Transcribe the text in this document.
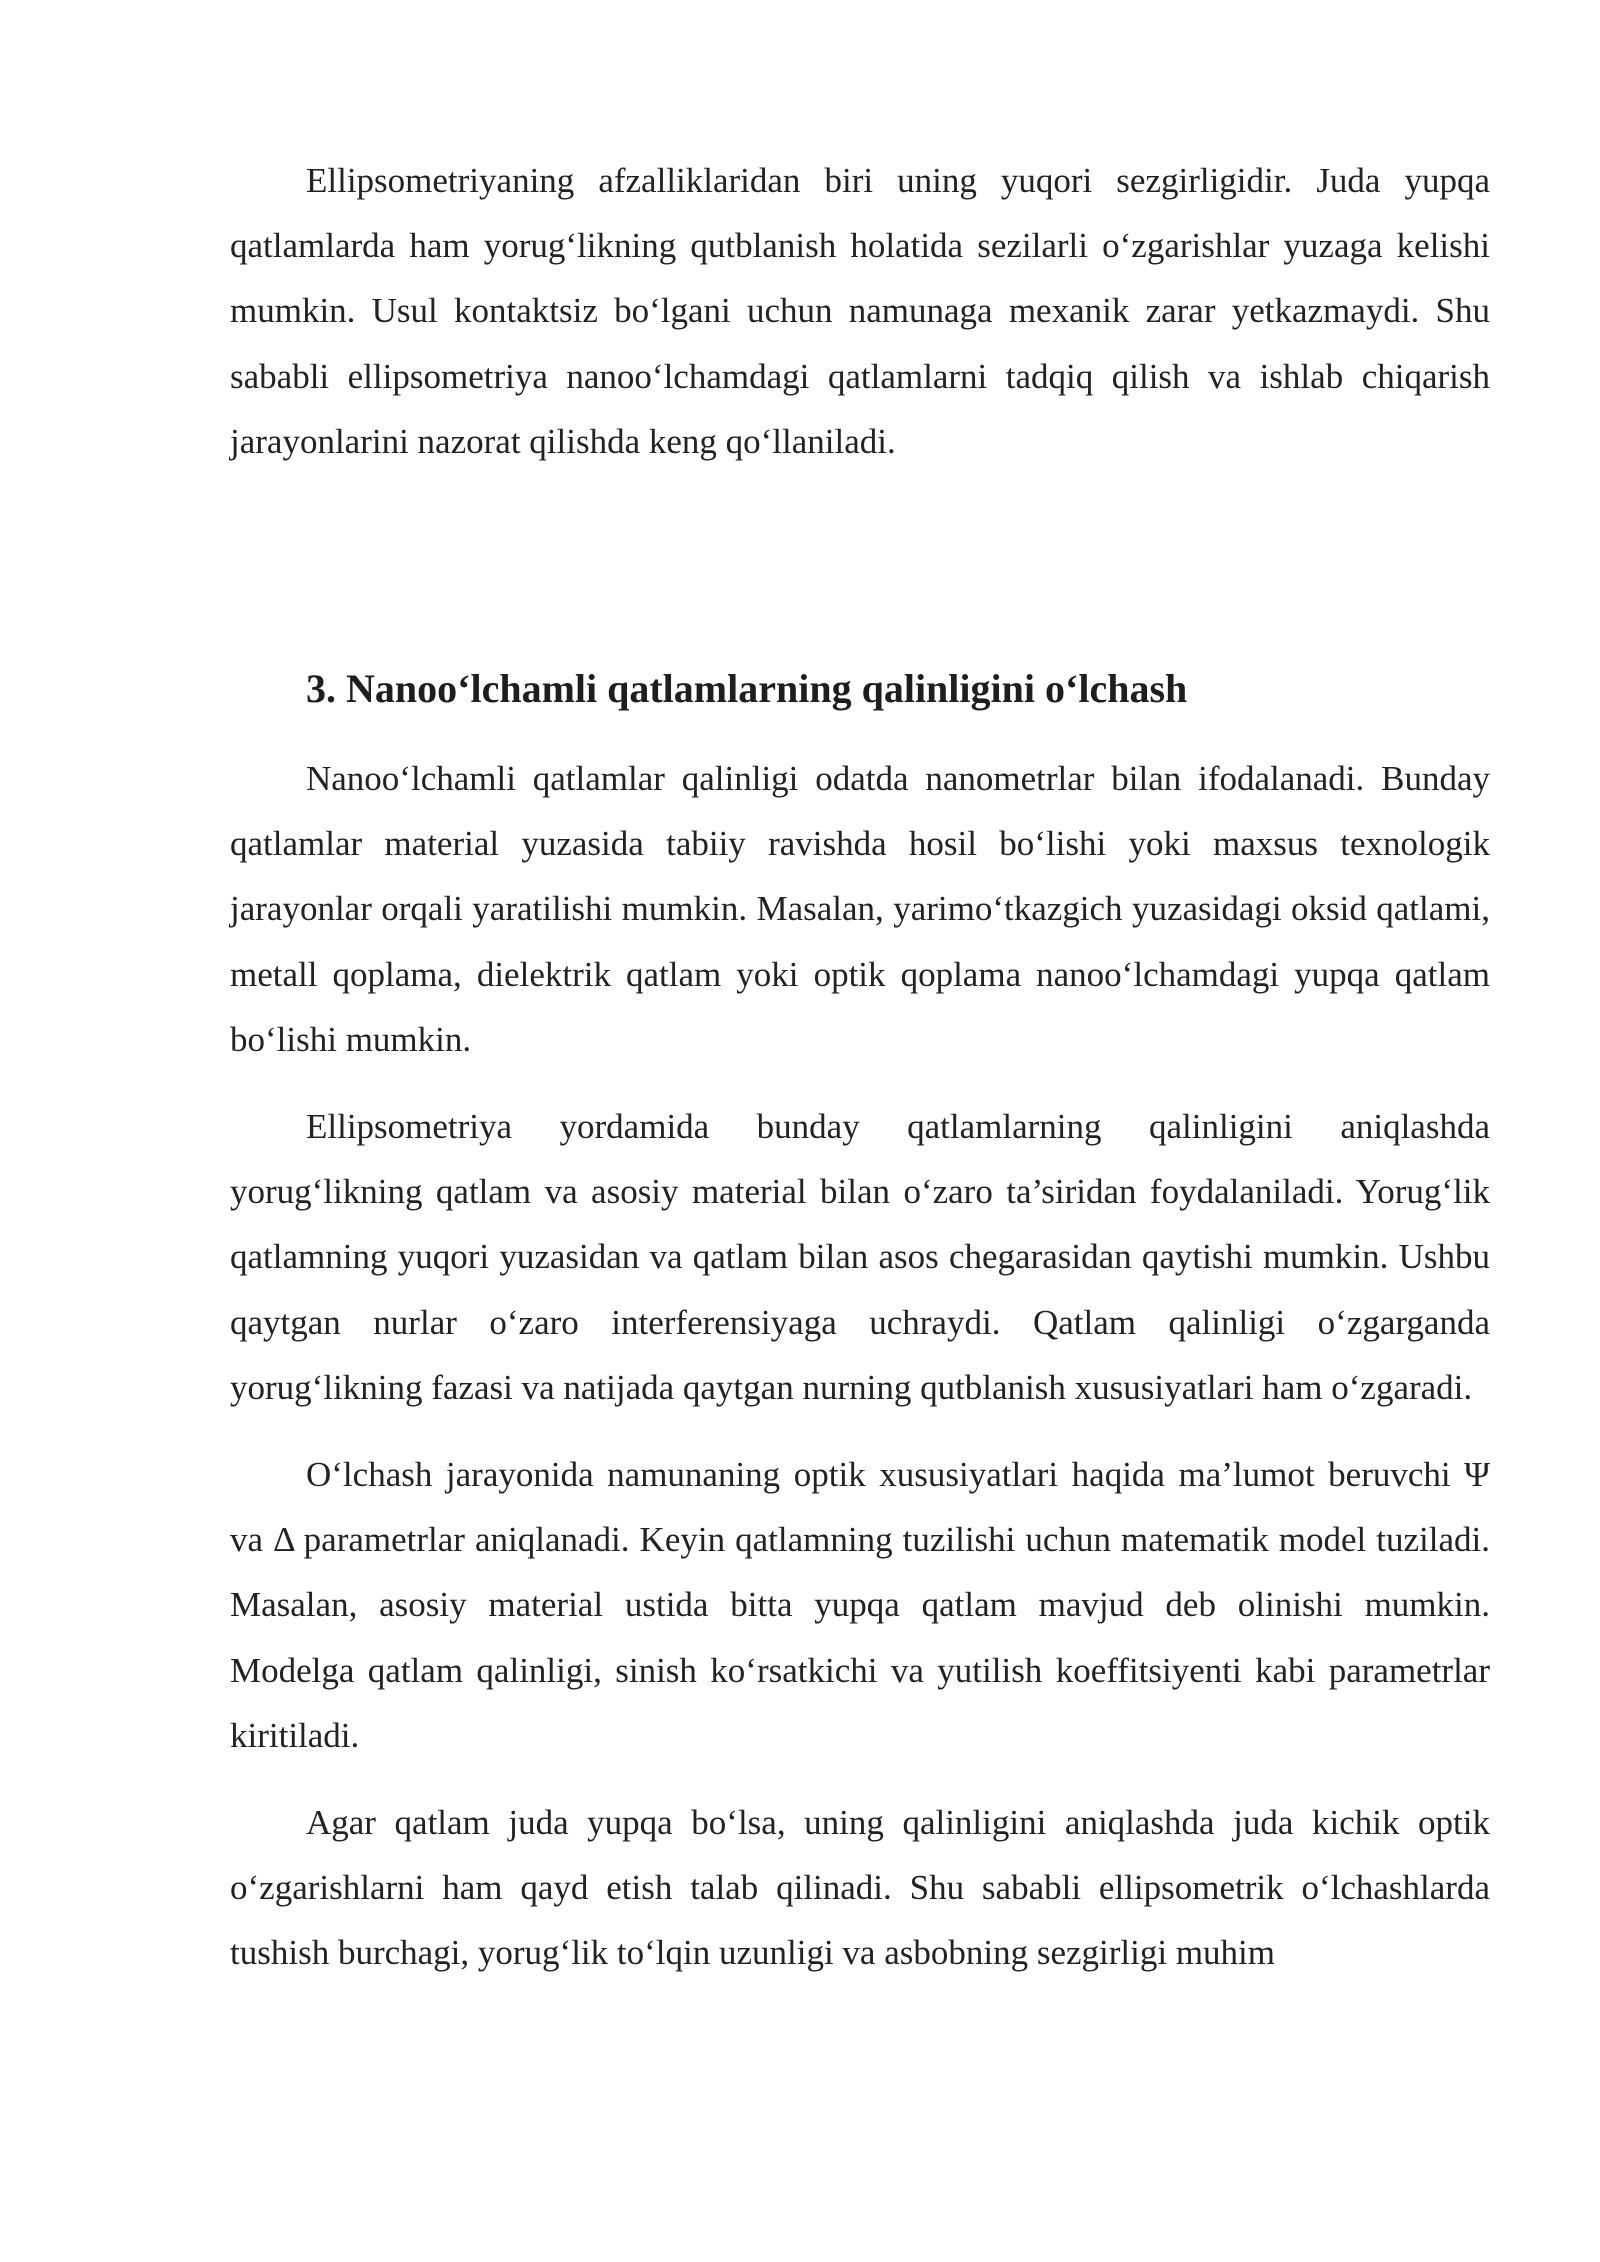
Ellipsometriyaning afzalliklaridan biri uning yuqori sezgirligidir. Juda yupqa qatlamlarda ham yorug‘likning qutblanish holatida sezilarli o‘zgarishlar yuzaga kelishi mumkin. Usul kontaktsiz bo‘lgani uchun namunaga mexanik zarar yetkazmaydi. Shu sababli ellipsometriya nanoo‘lchamdagi qatlamlarni tadqiq qilish va ishlab chiqarish jarayonlarini nazorat qilishda keng qo‘llaniladi.

3. Nanoo‘lchamli qatlamlarning qalinligini o‘lchash

Nanoo‘lchamli qatlamlar qalinligi odatda nanometrlar bilan ifodalanadi. Bunday qatlamlar material yuzasida tabiiy ravishda hosil bo‘lishi yoki maxsus texnologik jarayonlar orqali yaratilishi mumkin. Masalan, yarimo‘tkazgich yuzasidagi oksid qatlami, metall qoplama, dielektrik qatlam yoki optik qoplama nanoo‘lchamdagi yupqa qatlam bo‘lishi mumkin.

Ellipsometriya yordamida bunday qatlamlarning qalinligini aniqlashda yorug‘likning qatlam va asosiy material bilan o‘zaro ta’siridan foydalaniladi. Yorug‘lik qatlamning yuqori yuzasidan va qatlam bilan asos chegarasidan qaytishi mumkin. Ushbu qaytgan nurlar o‘zaro interferensiyaga uchraydi. Qatlam qalinligi o‘zgarganda yorug‘likning fazasi va natijada qaytgan nurning qutblanish xususiyatlari ham o‘zgaradi.

O‘lchash jarayonida namunaning optik xususiyatlari haqida ma’lumot beruvchi Ψ va Δ parametrlar aniqlanadi. Keyin qatlamning tuzilishi uchun matematik model tuziladi. Masalan, asosiy material ustida bitta yupqa qatlam mavjud deb olinishi mumkin. Modelga qatlam qalinligi, sinish ko‘rsatkichi va yutilish koeffitsiyenti kabi parametrlar kiritiladi.

Agar qatlam juda yupqa bo‘lsa, uning qalinligini aniqlashda juda kichik optik o‘zgarishlarni ham qayd etish talab qilinadi. Shu sababli ellipsometrik o‘lchashlarda tushish burchagi, yorug‘lik to‘lqin uzunligi va asbobning sezgirligi muhim
